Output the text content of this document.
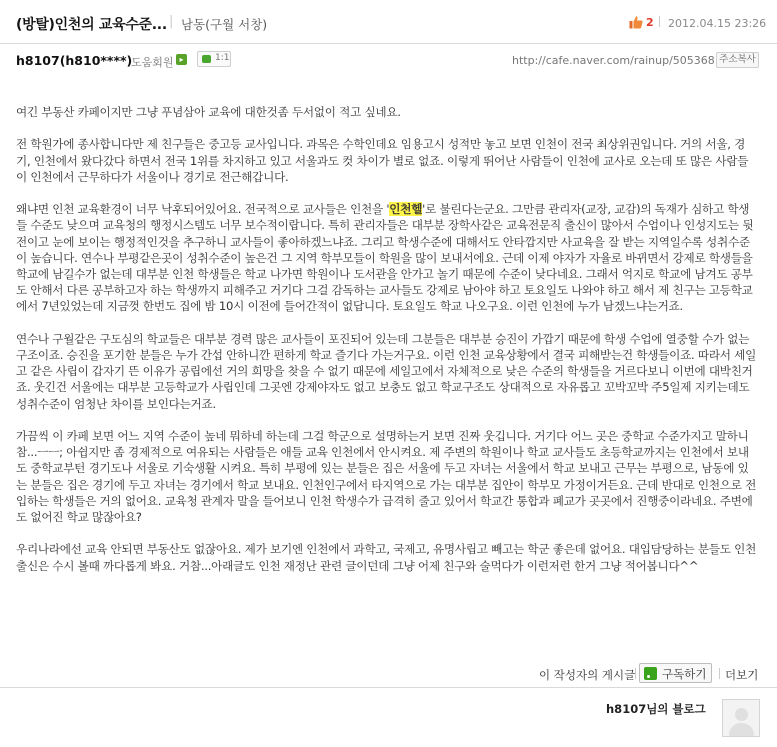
(방탈)인천의 교육수준... | 남동(구월 서창)	2 2012.04.15 23:26
h8107(h810****)
도움회원 ▸	1:1	http://cafe.naver.com/rainup/505368 주소복사

여긴 부동산 카페이지만 그냥 푸념삼아 교육에 대한것좀 두서없이 적고 싶네요.

전 학원가에 종사합니다만 제 친구들은 중고등 교사입니다. 과목은 수학인데요 임용고시 성적만 놓고 보면 인천이 전국 최상위권입니다. 거의 서울, 경기, 인천에서 왔다갔다 하면서 전국 1위를 차지하고 있고 서울과도 컷 차이가 별로 없죠. 이렇게 뛰어난 사람들이 인천에 교사로 오는데 또 많은 사람들이 인천에서 근무하다가 서울이나 경기로 전근해갑니다.

왜냐면 인천 교육환경이 너무 낙후되어있어요. 전국적으로 교사들은 인천을 '인천헬'로 불린다는군요. 그만큼 관리자(교장, 교감)의 독재가 심하고 학생들 수준도 낮으며 교육청의 행정시스템도 너무 보수적이랍니다. 특히 관리자들은 대부분 장학사같은 교육전문직 출신이 많아서 수업이나 인성지도는 뒷전이고 눈에 보이는 행정적인것을 추구하니 교사들이 좋아하겠느냐죠. 그리고 학생수준에 대해서도 안타깝지만 사교육을 잘 받는 지역일수록 성취수준이 높습니다. 연수나 부평같은곳이 성취수준이 높은건 그 지역 학부모들이 학원을 많이 보내서에요. 근데 이제 야자가 자율로 바뀌면서 강제로 학생들을 학교에 남길수가 없는데 대부분 인천 학생들은 학교 나가면 학원이나 도서관을 안가고 놀기 때문에 수준이 낮다네요. 그래서 억지로 학교에 남겨도 공부도 안해서 다른 공부하고자 하는 학생까지 피해주고 거기다 그걸 감독하는 교사들도 강제로 남아야 하고 토요일도 나와야 하고 해서 제 친구는 고등학교에서 7년있었는데 지금껏 한번도 집에 밤 10시 이전에 들어간적이 없답니다. 토요일도 학교 나오구요. 이런 인천에 누가 남겠느냐는거죠.

연수나 구월같은 구도심의 학교들은 대부분 경력 많은 교사들이 포진되어 있는데 그분들은 대부분 승진이 가깝기 때문에 학생 수업에 열중할 수가 없는 구조이죠. 승진을 포기한 분들은 누가 간섭 안하니깐 편하게 학교 즐기다 가는거구요. 이런 인천 교육상황에서 결국 피해받는건 학생들이죠. 따라서 세일고 같은 사립이 갑자기 뜬 이유가 공립에선 거의 희망을 찾을 수 없기 때문에 세일고에서 자체적으로 낮은 수준의 학생들을 거르다보니 이번에 대박친거죠. 웃긴건 서울에는 대부분 고등학교가 사립인데 그곳엔 강제야자도 없고 보충도 없고 학교구조도 상대적으로 자유롭고 꼬박꼬박 주5일제 지키는데도 성취수준이 엄청난 차이를 보인다는거죠.

가끔씩 이 카페 보면 어느 지역 수준이 높네 뭐하네 하는데 그걸 학군으로 설명하는거 보면 진짜 웃깁니다. 거기다 어느 곳은 중학교 수준가지고 말하니 참...ㅡㅡ; 아쉽지만 좀 경제적으로 여유되는 사람들은 애들 교육 인천에서 안시켜요. 제 주변의 학원이나 학교 교사들도 초등학교까지는 인천에서 보내도 중학교부턴 경기도나 서울로 기숙생활 시켜요. 특히 부평에 있는 분들은 집은 서울에 두고 자녀는 서울에서 학교 보내고 근무는 부평으로, 남동에 있는 분들은 집은 경기에 두고 자녀는 경기에서 학교 보내요. 인천인구에서 타지역으로 가는 대부분 집안이 학부모 가정이거든요. 근데 반대로 인천으로 전입하는 학생들은 거의 없어요. 교육청 관계자 말을 들어보니 인천 학생수가 급격히 줄고 있어서 학교간 통합과 폐교가 곳곳에서 진행중이라네요. 주변에도 없어진 학교 많잖아요?

우리나라에선 교육 안되면 부동산도 없잖아요. 제가 보기엔 인천에서 과학고, 국제고, 유명사립고 빼고는 학군 좋은데 없어요. 대입담당하는 분들도 인천 출신은 수시 볼때 까다롭게 봐요. 거참...아래글도 인천 재정난 관련 글이던데 그냥 어제 친구와 술먹다가 이런저런 한거 그냥 적어봅니다^^

이 작성자의 게시글 구독하기 더보기
h8107님의 블로그
